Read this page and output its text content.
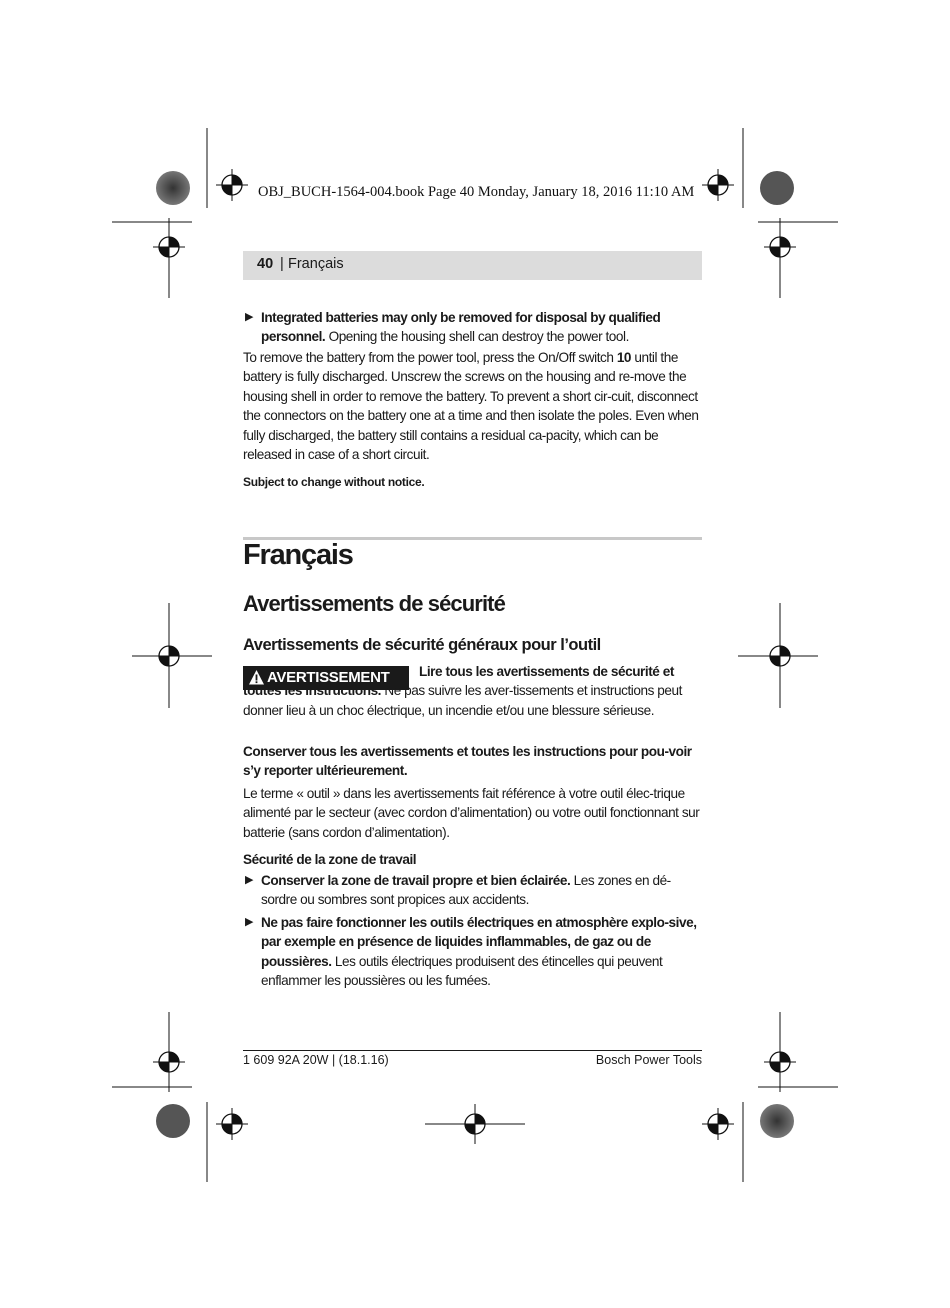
OBJ_BUCH-1564-004.book Page 40 Monday, January 18, 2016 11:10 AM
40 | Français
▶ Integrated batteries may only be removed for disposal by qualified personnel. Opening the housing shell can destroy the power tool.
To remove the battery from the power tool, press the On/Off switch 10 until the battery is fully discharged. Unscrew the screws on the housing and re-move the housing shell in order to remove the battery. To prevent a short cir-cuit, disconnect the connectors on the battery one at a time and then isolate the poles. Even when fully discharged, the battery still contains a residual ca-pacity, which can be released in case of a short circuit.
Subject to change without notice.
Français
Avertissements de sécurité
Avertissements de sécurité généraux pour l’outil
AVERTISSEMENT	Lire tous les avertissements de sécurité et toutes les instructions. Ne pas suivre les aver-tissements et instructions peut donner lieu à un choc électrique, un incendie et/ou une blessure sérieuse.
Conserver tous les avertissements et toutes les instructions pour pou-voir s’y reporter ultérieurement.
Le terme « outil » dans les avertissements fait référence à votre outil élec-trique alimenté par le secteur (avec cordon d’alimentation) ou votre outil fonctionnant sur batterie (sans cordon d’alimentation).
Sécurité de la zone de travail
▶ Conserver la zone de travail propre et bien éclairée. Les zones en dé-sordre ou sombres sont propices aux accidents.
▶ Ne pas faire fonctionner les outils électriques en atmosphère explo-sive, par exemple en présence de liquides inflammables, de gaz ou de poussières. Les outils électriques produisent des étincelles qui peuvent enflammer les poussières ou les fumées.
1 609 92A 20W | (18.1.16)	Bosch Power Tools
